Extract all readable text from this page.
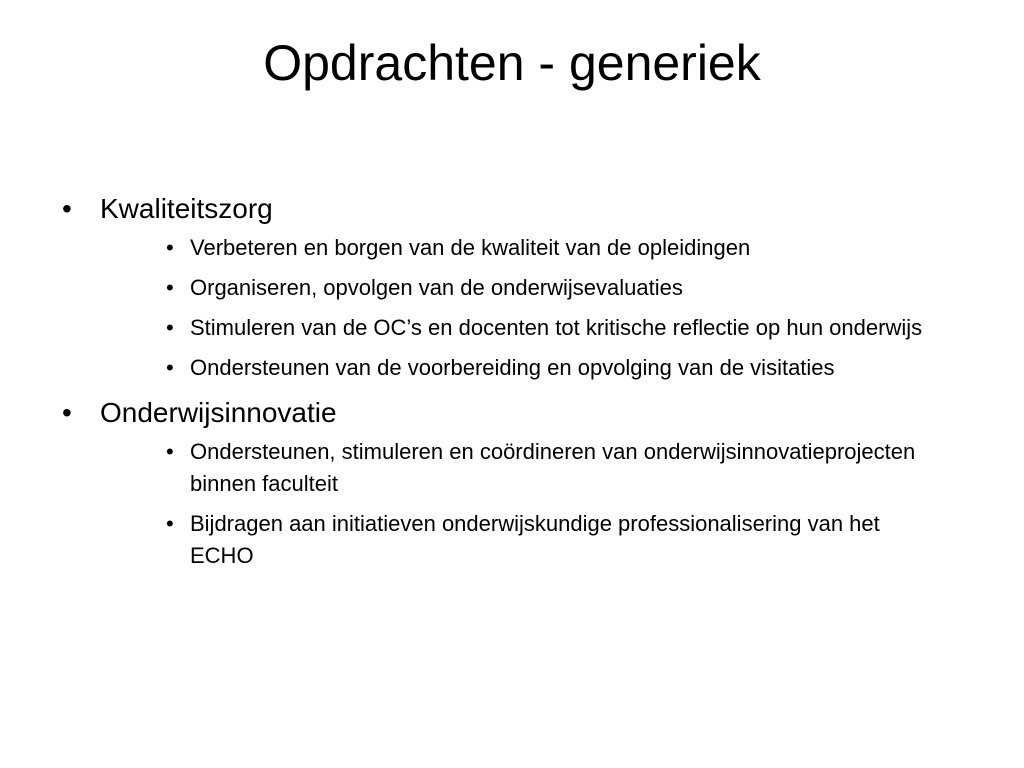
Opdrachten - generiek
• Kwaliteitszorg
• Verbeteren en borgen van de kwaliteit van de opleidingen
• Organiseren, opvolgen van de onderwijsevaluaties
• Stimuleren van de OC’s en docenten tot kritische reflectie op hun onderwijs
• Ondersteunen van de voorbereiding en opvolging van de visitaties
• Onderwijsinnovatie
• Ondersteunen, stimuleren en coördineren van onderwijsinnovatieprojecten binnen faculteit
• Bijdragen aan initiatieven onderwijskundige professionalisering van het ECHO
